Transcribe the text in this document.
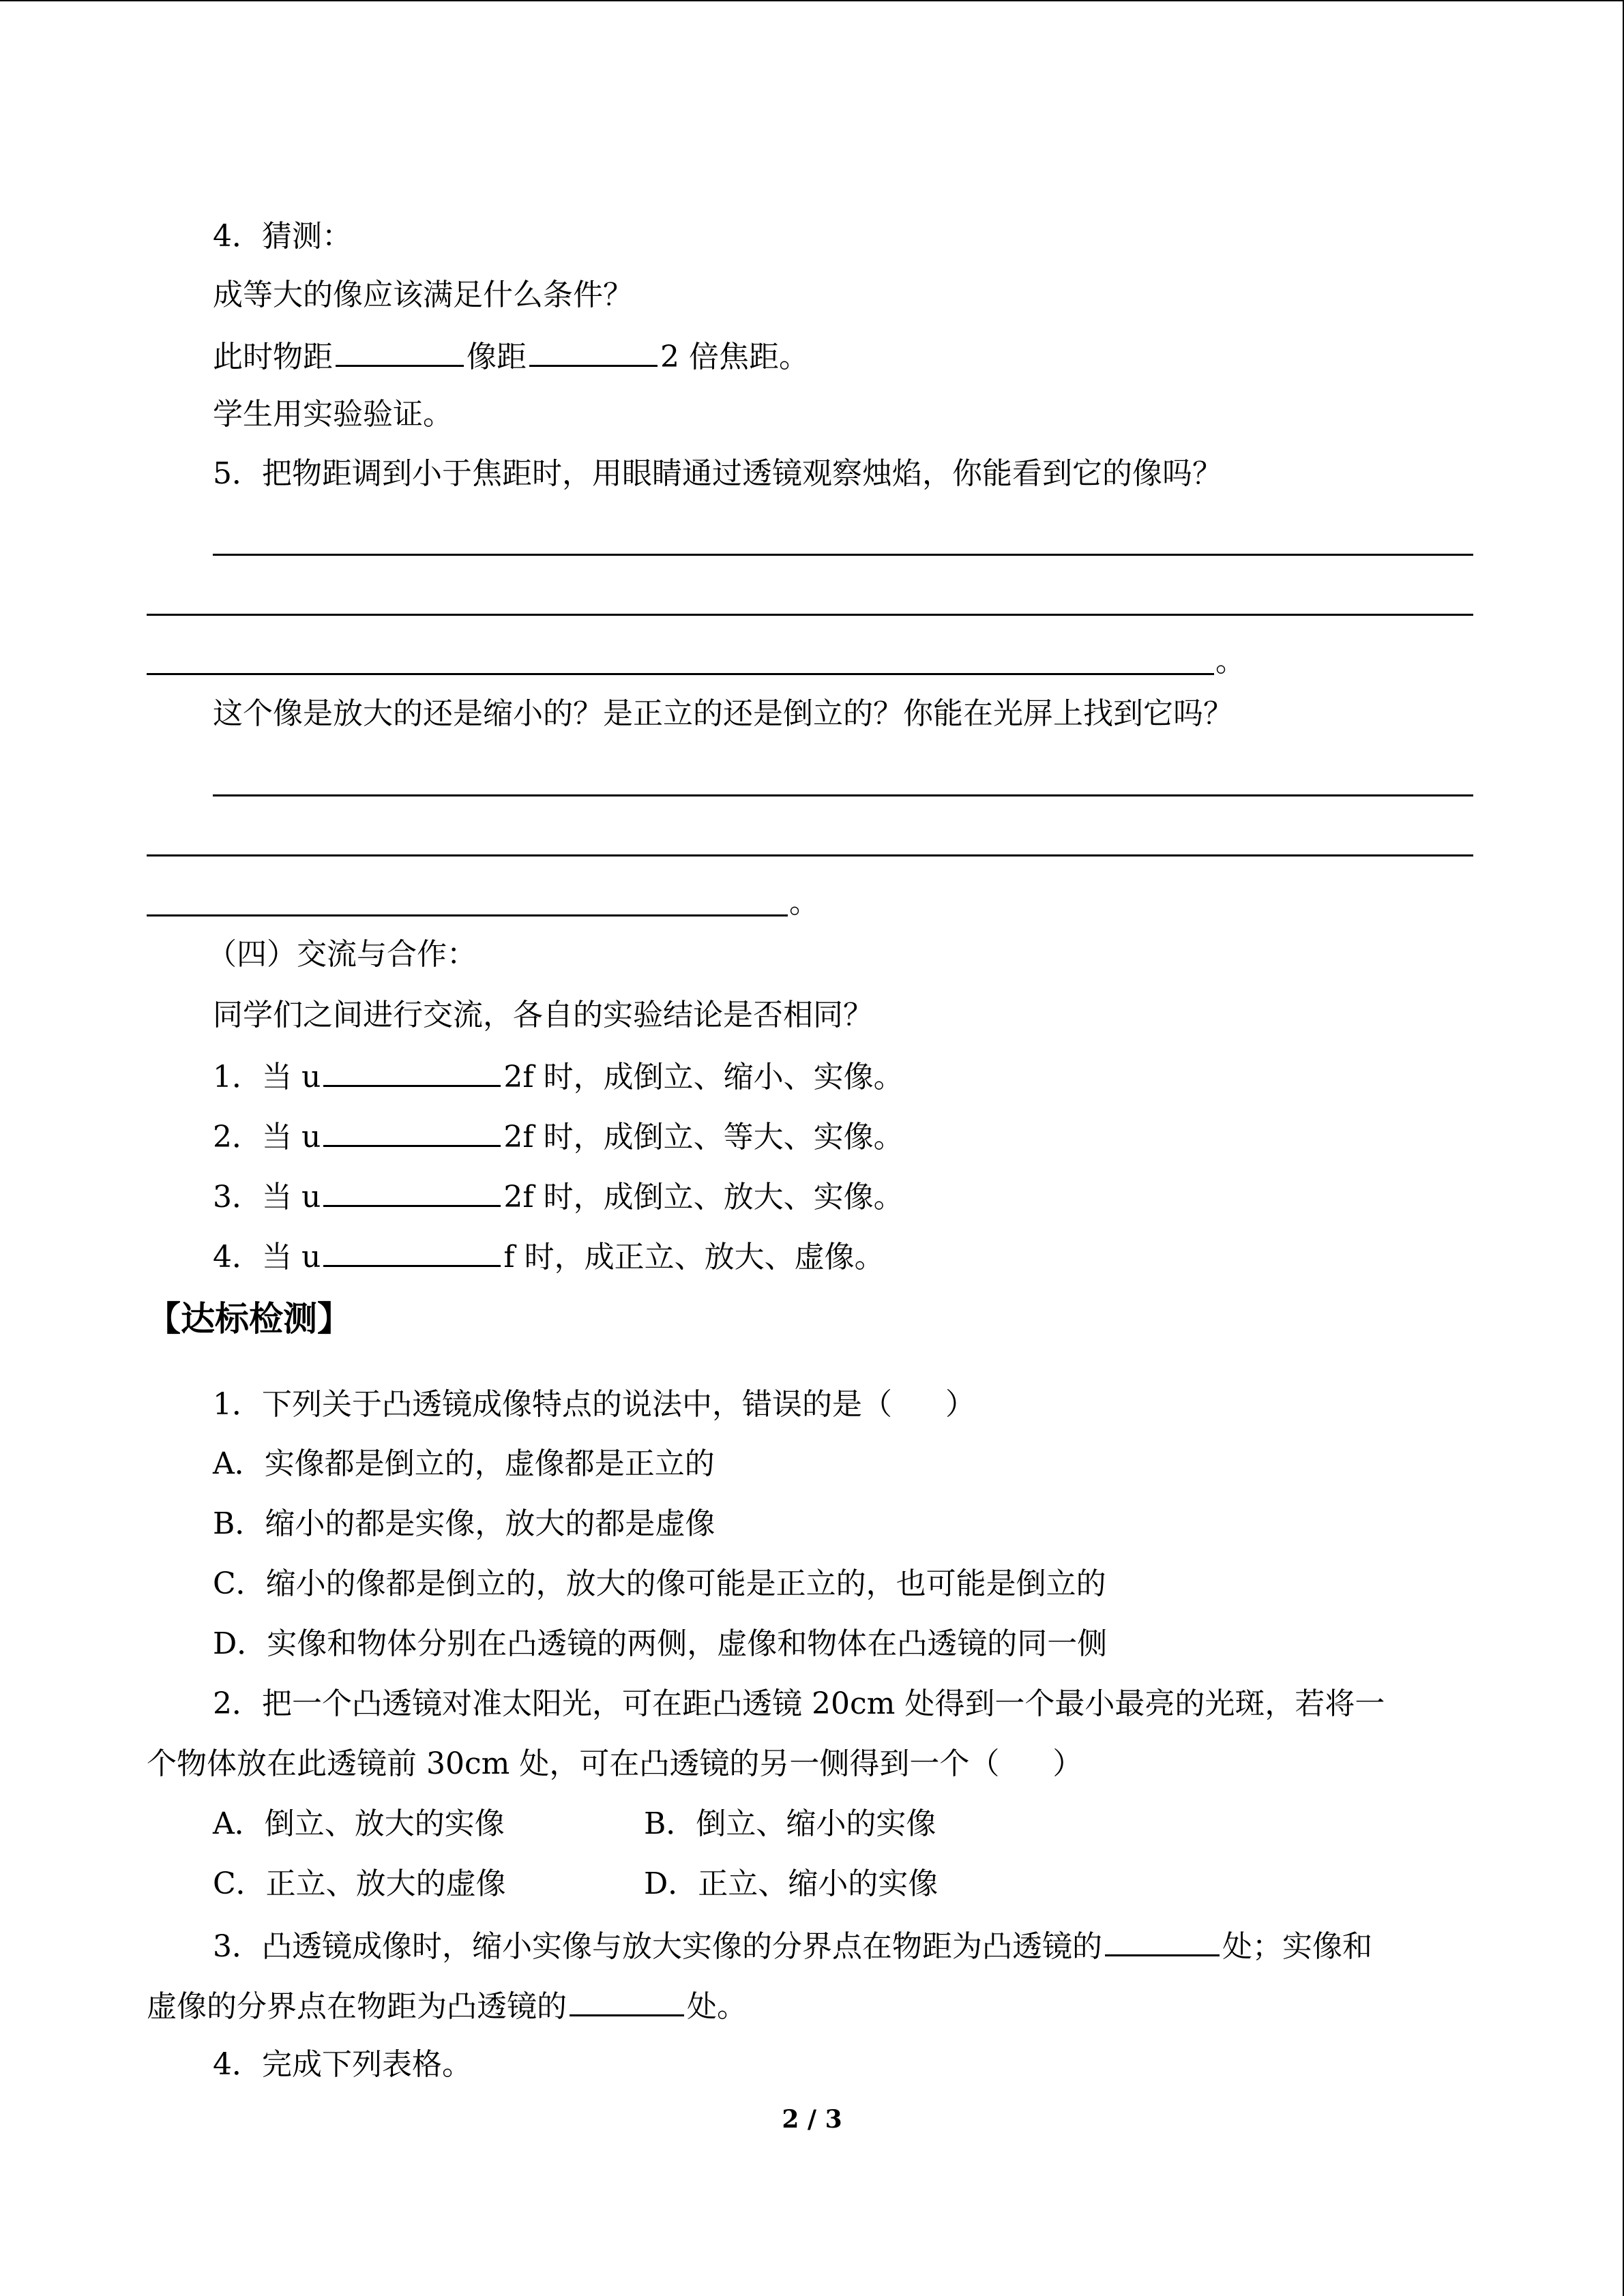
4．猜测：
成等大的像应该满足什么条件？
此时物距	像距	2 倍焦距。
学生用实验验证。
5．把物距调到小于焦距时，用眼睛通过透镜观察烛焰，你能看到它的像吗？
。
这个像是放大的还是缩小的？是正立的还是倒立的？你能在光屏上找到它吗？
。
（四）交流与合作：
同学们之间进行交流，各自的实验结论是否相同？
1．当 u	2f 时，成倒立、缩小、实像。
2．当 u	2f 时，成倒立、等大、实像。
3．当 u	2f 时，成倒立、放大、实像。
4．当 u	f 时，成正立、放大、虚像。
【达标检测】
1．下列关于凸透镜成像特点的说法中，错误的是（ ）
A．实像都是倒立的，虚像都是正立的
B．缩小的都是实像，放大的都是虚像
C．缩小的像都是倒立的，放大的像可能是正立的，也可能是倒立的
D．实像和物体分别在凸透镜的两侧，虚像和物体在凸透镜的同一侧
2．把一个凸透镜对准太阳光，可在距凸透镜 20cm 处得到一个最小最亮的光斑，若将一
个物体放在此透镜前 30cm 处，可在凸透镜的另一侧得到一个（ ）
A．倒立、放大的实像	B．倒立、缩小的实像
C．正立、放大的虚像	D．正立、缩小的实像
3．凸透镜成像时，缩小实像与放大实像的分界点在物距为凸透镜的	处；实像和
虚像的分界点在物距为凸透镜的	处。
4．完成下列表格。
2 / 3
